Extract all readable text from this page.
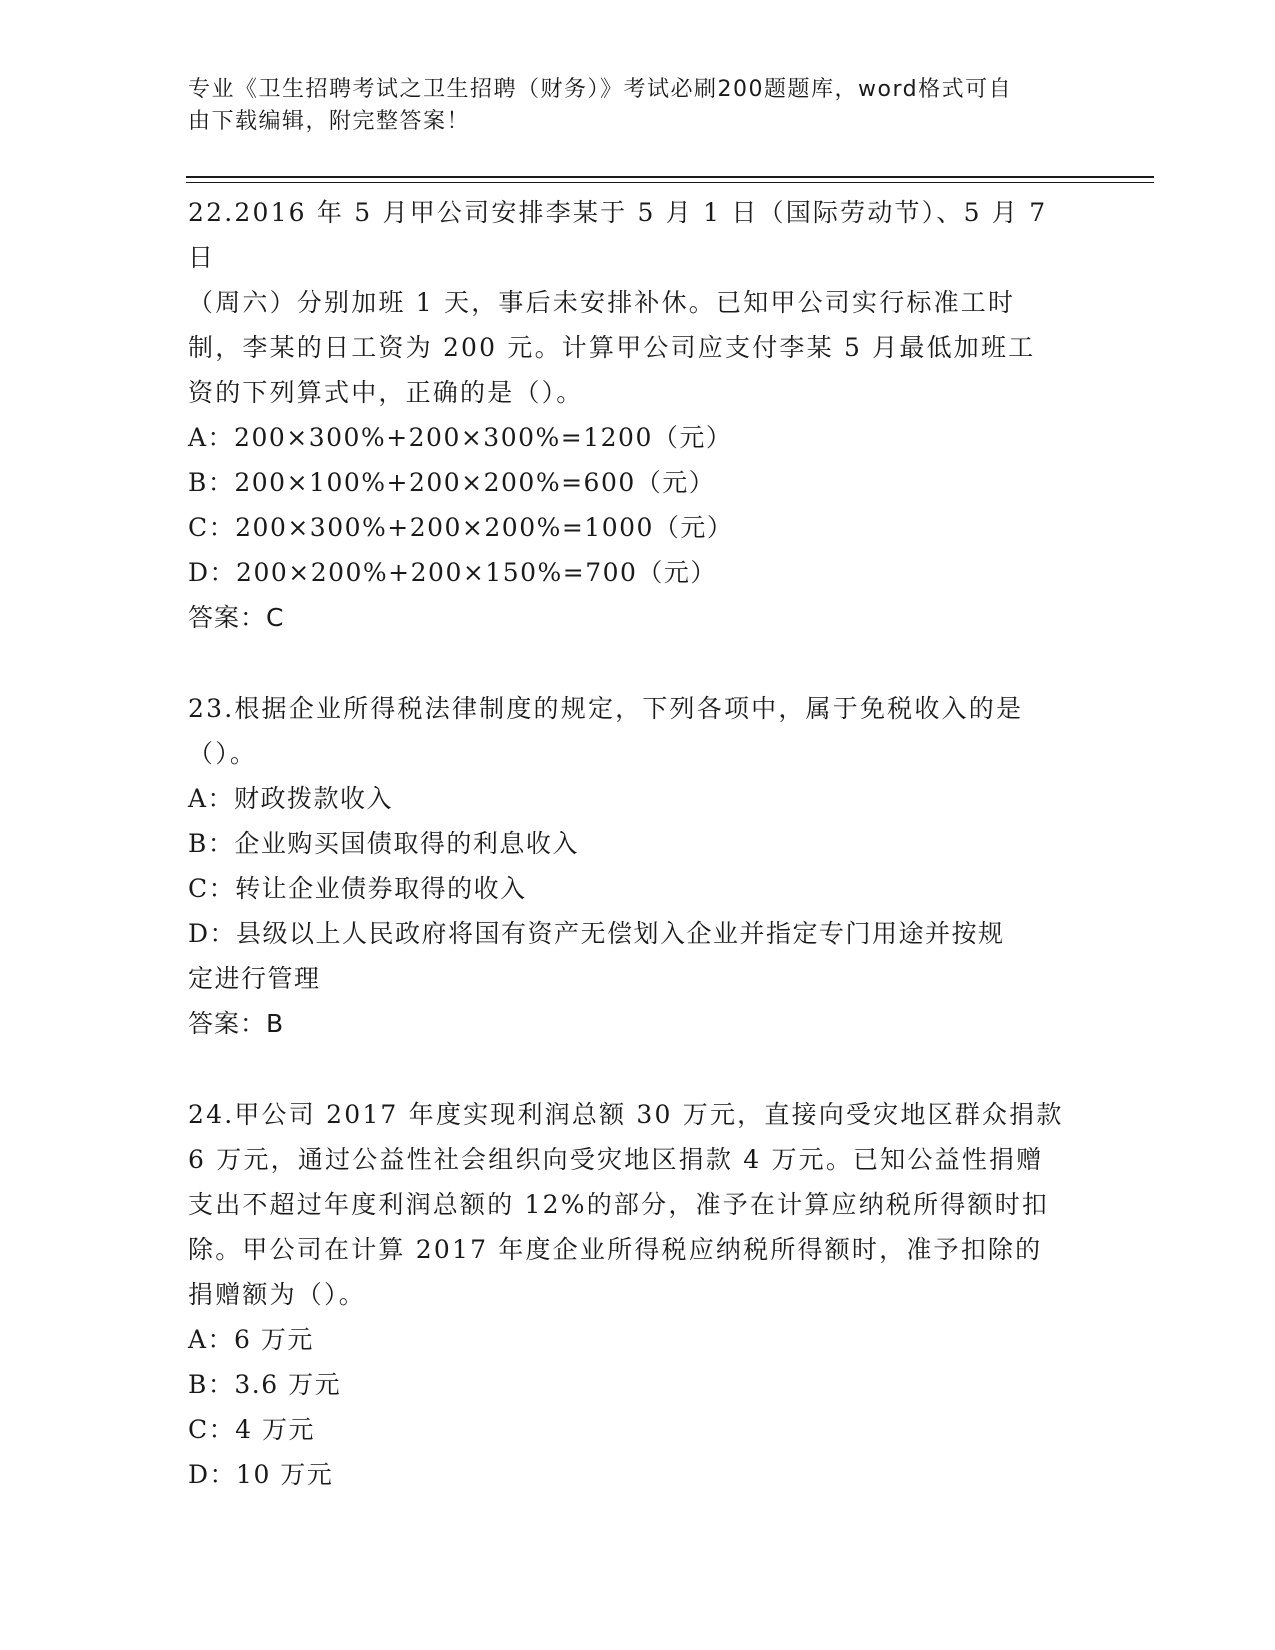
专业《卫生招聘考试之卫生招聘（财务）》考试必刷200题题库，word格式可自
由下载编辑，附完整答案！
22.2016 年 5 月甲公司安排李某于 5 月 1 日（国际劳动节）、5 月 7 日
（周六）分别加班 1 天，事后未安排补休。已知甲公司实行标准工时
制，李某的日工资为 200 元。计算甲公司应支付李某 5 月最低加班工
资的下列算式中，正确的是（）。
A：200×300%+200×300%=1200（元）
B：200×100%+200×200%=600（元）
C：200×300%+200×200%=1000（元）
D：200×200%+200×150%=700（元）
答案：C
23.根据企业所得税法律制度的规定，下列各项中，属于免税收入的是
（）。
A：财政拨款收入
B：企业购买国债取得的利息收入
C：转让企业债券取得的收入
D：县级以上人民政府将国有资产无偿划入企业并指定专门用途并按规
定进行管理
答案：B
24.甲公司 2017 年度实现利润总额 30 万元，直接向受灾地区群众捐款
6 万元，通过公益性社会组织向受灾地区捐款 4 万元。已知公益性捐赠
支出不超过年度利润总额的 12%的部分，准予在计算应纳税所得额时扣
除。甲公司在计算 2017 年度企业所得税应纳税所得额时，准予扣除的
捐赠额为（）。
A：6 万元
B：3.6 万元
C：4 万元
D：10 万元
